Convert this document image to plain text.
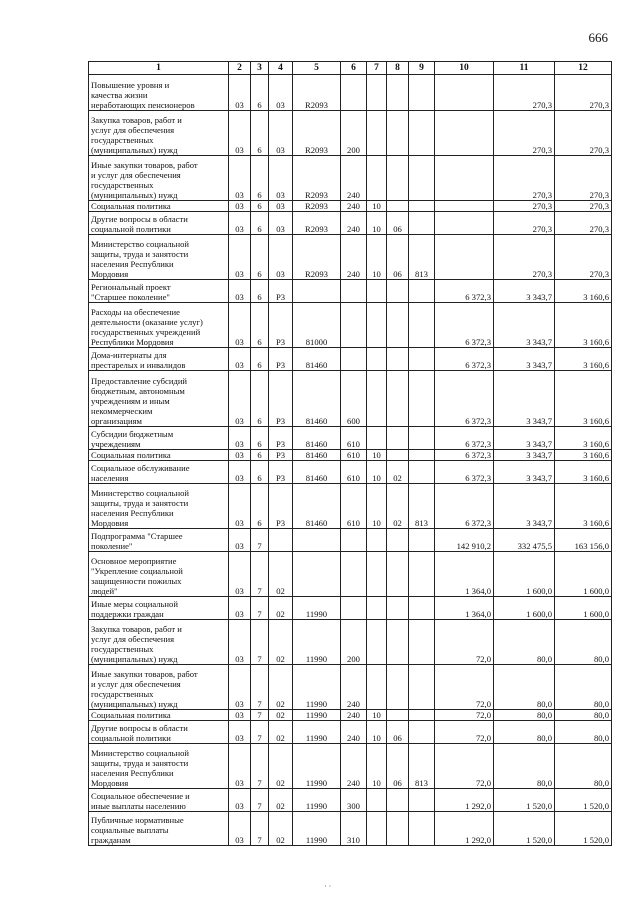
666
1	2	3	4	5	6	7	8	9	10	11	12
Повышение уровня и
качества жизни
неработающих пенсионеров	03	6	03	R2093						270,3	270,3
Закупка товаров, работ и
услуг для обеспечения
государственных
(муниципальных) нужд	03	6	03	R2093	200					270,3	270,3
Иные закупки товаров, работ
и услуг для обеспечения
государственных
(муниципальных) нужд	03	6	03	R2093	240					270,3	270,3
Социальная политика	03	6	03	R2093	240	10				270,3	270,3
Другие вопросы в области
социальной политики	03	6	03	R2093	240	10	06			270,3	270,3
Министерство социальной
защиты, труда и занятости
населения Республики
Мордовия	03	6	03	R2093	240	10	06	813		270,3	270,3
Региональный проект
"Старшее поколение"	03	6	P3						6 372,3	3 343,7	3 160,6
Расходы на обеспечение
деятельности (оказание услуг)
государственных учреждений
Республики Мордовия	03	6	P3	81000					6 372,3	3 343,7	3 160,6
Дома-интернаты для
престарелых и инвалидов	03	6	P3	81460					6 372,3	3 343,7	3 160,6
Предоставление субсидий
бюджетным, автономным
учреждениям и иным
некоммерческим
организациям	03	6	P3	81460	600				6 372,3	3 343,7	3 160,6
Субсидии бюджетным
учреждениям	03	6	P3	81460	610				6 372,3	3 343,7	3 160,6
Социальная политика	03	6	P3	81460	610	10			6 372,3	3 343,7	3 160,6
Социальное обслуживание
населения	03	6	P3	81460	610	10	02		6 372,3	3 343,7	3 160,6
Министерство социальной
защиты, труда и занятости
населения Республики
Мордовия	03	6	P3	81460	610	10	02	813	6 372,3	3 343,7	3 160,6
Подпрограмма "Старшее
поколение"	03	7							142 910,2	332 475,5	163 156,0
Основное мероприятие
"Укрепление социальной
защищенности пожилых
людей"	03	7	02						1 364,0	1 600,0	1 600,0
Иные меры социальной
поддержки граждан	03	7	02	11990					1 364,0	1 600,0	1 600,0
Закупка товаров, работ и
услуг для обеспечения
государственных
(муниципальных) нужд	03	7	02	11990	200				72,0	80,0	80,0
Иные закупки товаров, работ
и услуг для обеспечения
государственных
(муниципальных) нужд	03	7	02	11990	240				72,0	80,0	80,0
Социальная политика	03	7	02	11990	240	10			72,0	80,0	80,0
Другие вопросы в области
социальной политики	03	7	02	11990	240	10	06		72,0	80,0	80,0
Министерство социальной
защиты, труда и занятости
населения Республики
Мордовия	03	7	02	11990	240	10	06	813	72,0	80,0	80,0
Социальное обеспечение и
иные выплаты населению	03	7	02	11990	300				1 292,0	1 520,0	1 520,0
Публичные нормативные
социальные выплаты
гражданам	03	7	02	11990	310				1 292,0	1 520,0	1 520,0
· ·
